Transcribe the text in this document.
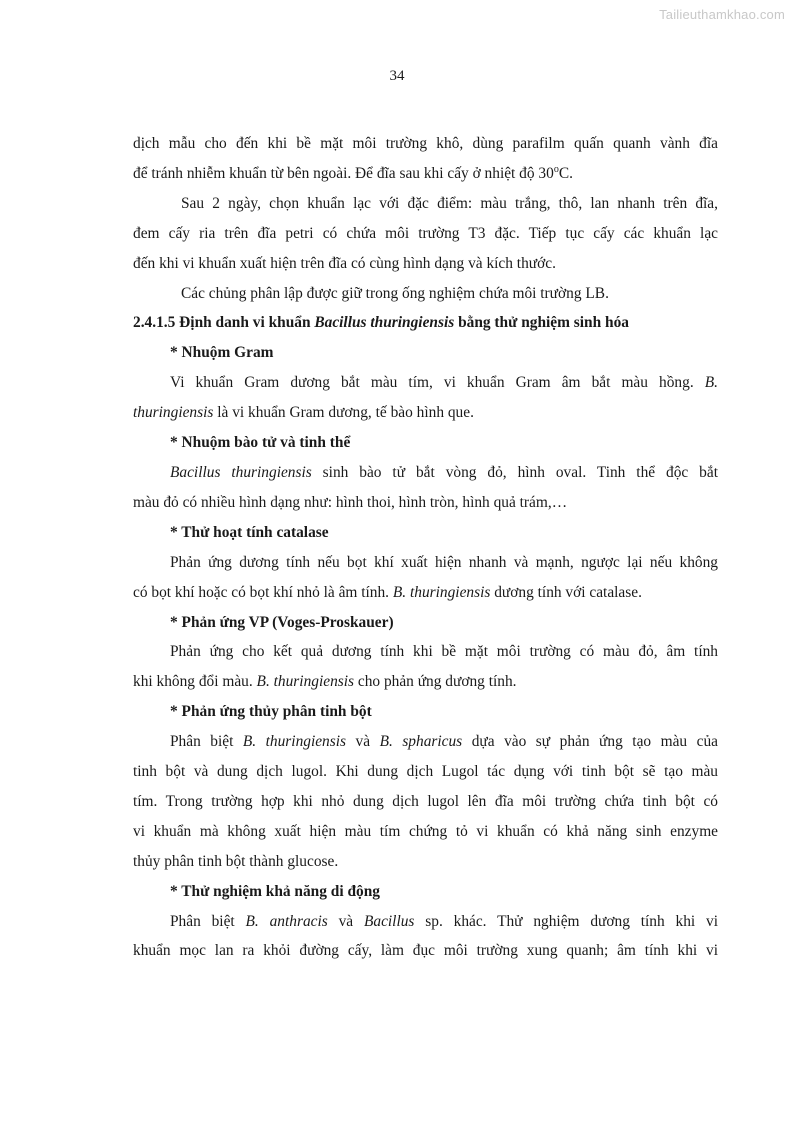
Tailieuthamkhao.com
34

dịch mẫu cho đến khi bề mặt môi trường khô, dùng parafilm quấn quanh vành đĩa

để tránh nhiễm khuẩn từ bên ngoài. Để đĩa sau khi cấy ở nhiệt độ 30$^o$C.

Sau 2 ngày, chọn khuẩn lạc với đặc điểm: màu trắng, thô, lan nhanh trên đĩa,

đem cấy ria trên đĩa petri có chứa môi trường T3 đặc. Tiếp tục cấy các khuẩn lạc

đến khi vi khuẩn xuất hiện trên đĩa có cùng hình dạng và kích thước.

Các chủng phân lập được giữ trong ống nghiệm chứa môi trường LB.

2.4.1.5 Định danh vi khuẩn Bacillus thuringiensis bằng thử nghiệm sinh hóa

* Nhuộm Gram

Vi khuẩn Gram dương bắt màu tím, vi khuẩn Gram âm bắt màu hồng. B.

thuringiensis là vi khuẩn Gram dương, tế bào hình que.

* Nhuộm bào tử và tinh thể

Bacillus thuringiensis sinh bào tử bắt vòng đỏ, hình oval. Tinh thể độc bắt

màu đỏ có nhiều hình dạng như: hình thoi, hình tròn, hình quả trám,…

* Thử hoạt tính catalase

Phản ứng dương tính nếu bọt khí xuất hiện nhanh và mạnh, ngược lại nếu không

có bọt khí hoặc có bọt khí nhỏ là âm tính. B. thuringiensis dương tính với catalase.

* Phản ứng VP (Voges-Proskauer)

Phản ứng cho kết quả dương tính khi bề mặt môi trường có màu đỏ, âm tính

khi không đổi màu. B. thuringiensis cho phản ứng dương tính.

* Phản ứng thủy phân tinh bột

Phân biệt B. thuringiensis và B. spharicus dựa vào sự phản ứng tạo màu của

tinh bột và dung dịch lugol. Khi dung dịch Lugol tác dụng với tinh bột sẽ tạo màu

tím. Trong trường hợp khi nhỏ dung dịch lugol lên đĩa môi trường chứa tinh bột có

vi khuẩn mà không xuất hiện màu tím chứng tỏ vi khuẩn có khả năng sinh enzyme

thủy phân tinh bột thành glucose.

* Thử nghiệm khả năng di động

Phân biệt B. anthracis và Bacillus sp. khác. Thử nghiệm dương tính khi vi

khuẩn mọc lan ra khỏi đường cấy, làm đục môi trường xung quanh; âm tính khi vi
